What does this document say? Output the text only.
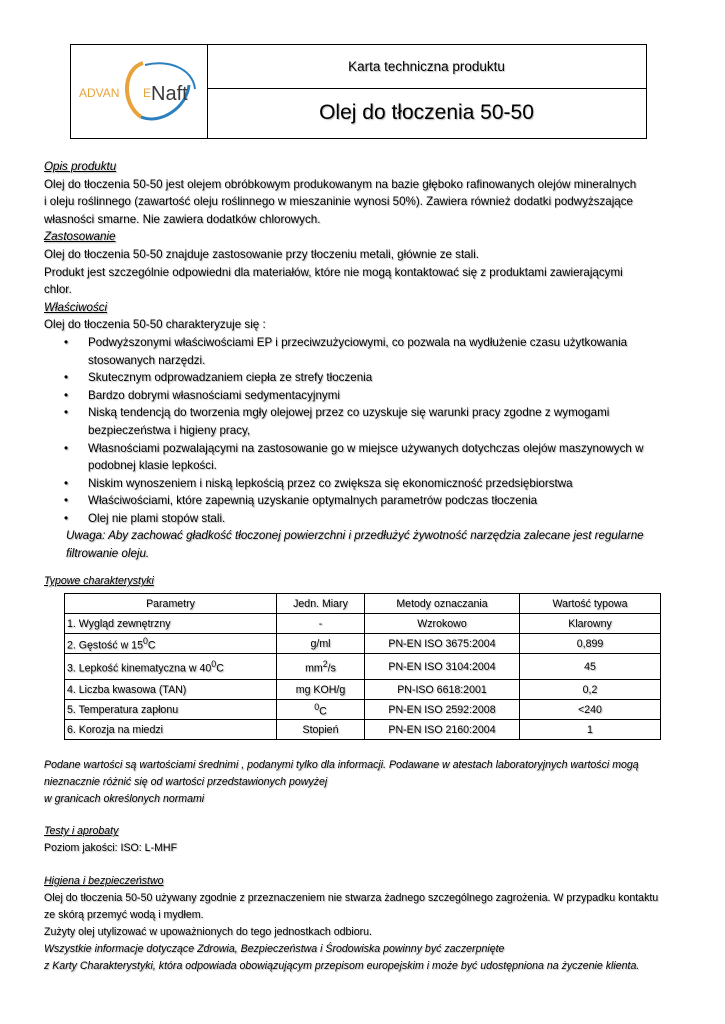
ADVAN E Naft
Karta techniczna produktu
Olej do tłoczenia 50-50

Opis produktu

Olej do tłoczenia 50-50 jest olejem obróbkowym produkowanym na bazie głęboko rafinowanych olejów mineralnych

i oleju roślinnego (zawartość oleju roślinnego w mieszaninie wynosi 50%). Zawiera również dodatki podwyższające

własności smarne. Nie zawiera dodatków chlorowych.

Zastosowanie

Olej do tłoczenia 50-50 znajduje zastosowanie przy tłoczeniu metali, głównie ze stali.

Produkt jest szczególnie odpowiedni dla materiałów, które nie mogą kontaktować się z produktami zawierającymi

chlor.

Właściwości

Olej do tłoczenia 50-50 charakteryzuje się :

• Podwyższonymi właściwościami EP i przeciwzużyciowymi, co pozwala na wydłużenie czasu użytkowania
stosowanych narzędzi.
• Skutecznym odprowadzaniem ciepła ze strefy tłoczenia
• Bardzo dobrymi własnościami sedymentacyjnymi
• Niską tendencją do tworzenia mgły olejowej przez co uzyskuje się warunki pracy zgodne z wymogami
bezpieczeństwa i higieny pracy,
• Własnościami pozwalającymi na zastosowanie go w miejsce używanych dotychczas olejów maszynowych w
podobnej klasie lepkości.
• Niskim wynoszeniem i niską lepkością przez co zwiększa się ekonomiczność przedsiębiorstwa
• Właściwościami, które zapewnią uzyskanie optymalnych parametrów podczas tłoczenia
• Olej nie plami stopów stali.

Uwaga: Aby zachować gładkość tłoczonej powierzchni i przedłużyć żywotność narzędzia zalecane jest regularne

filtrowanie oleju.

Typowe charakterystyki

Parametry	Jedn. Miary	Metody oznaczania	Wartość typowa
1. Wygląd zewnętrzny	-	Wzrokowo	Klarowny
2. Gęstość w $15^0C$	g/ml	PN-EN ISO 3675:2004	0,899
3. Lepkość kinematyczna w $40^0C$	$mm^2/s$	PN-EN ISO 3104:2004	45
4. Liczba kwasowa (TAN)	mg KOH/g	PN-ISO 6618:2001	0,2
5. Temperatura zapłonu	$^0$C	PN-EN ISO 2592:2008	<240
6. Korozja na miedzi	Stopień	PN-EN ISO 2160:2004	1

Podane wartości są wartościami średnimi , podanymi tylko dla informacji. Podawane w atestach laboratoryjnych wartości mogą

nieznacznie różnić się od wartości przedstawionych powyżej

w granicach określonych normami

Testy i aprobaty

Poziom jakości: ISO: L-MHF

Higiena i bezpieczeństwo

Olej do tłoczenia 50-50 używany zgodnie z przeznaczeniem nie stwarza żadnego szczególnego zagrożenia. W przypadku kontaktu

ze skórą przemyć wodą i mydłem.

Zużyty olej utylizować w upoważnionych do tego jednostkach odbioru.

Wszystkie informacje dotyczące Zdrowia, Bezpieczeństwa i Środowiska powinny być zaczerpnięte

z Karty Charakterystyki, która odpowiada obowiązującym przepisom europejskim i może być udostępniona na życzenie klienta.
